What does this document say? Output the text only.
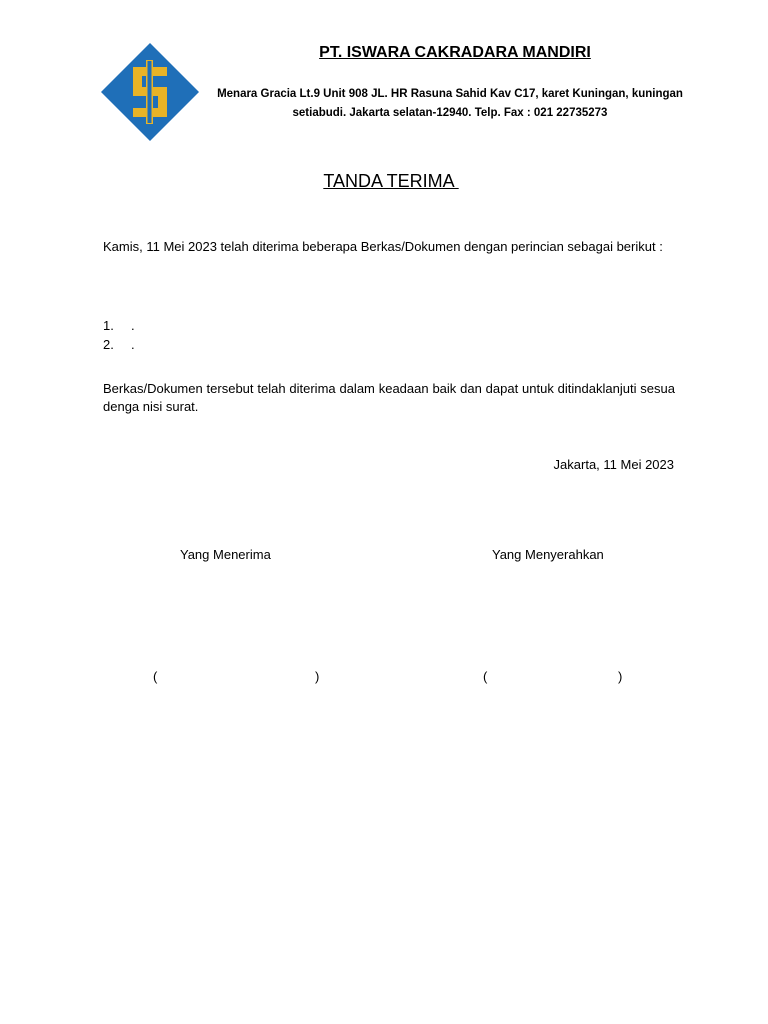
PT. ISWARA CAKRADARA MANDIRI
Menara Gracia Lt.9 Unit 908 JL. HR Rasuna Sahid Kav C17, karet Kuningan, kuningan
setiabudi. Jakarta selatan-12940. Telp. Fax : 021 22735273
TANDA TERIMA
Kamis, 11 Mei 2023 telah diterima beberapa Berkas/Dokumen dengan perincian sebagai berikut :
1. .
2. .
Berkas/Dokumen tersebut telah diterima dalam keadaan baik dan dapat untuk ditindaklanjuti sesua denga nisi surat.
Jakarta, 11 Mei 2023
Yang Menerima	Yang Menyerahkan
(	)	(	)
